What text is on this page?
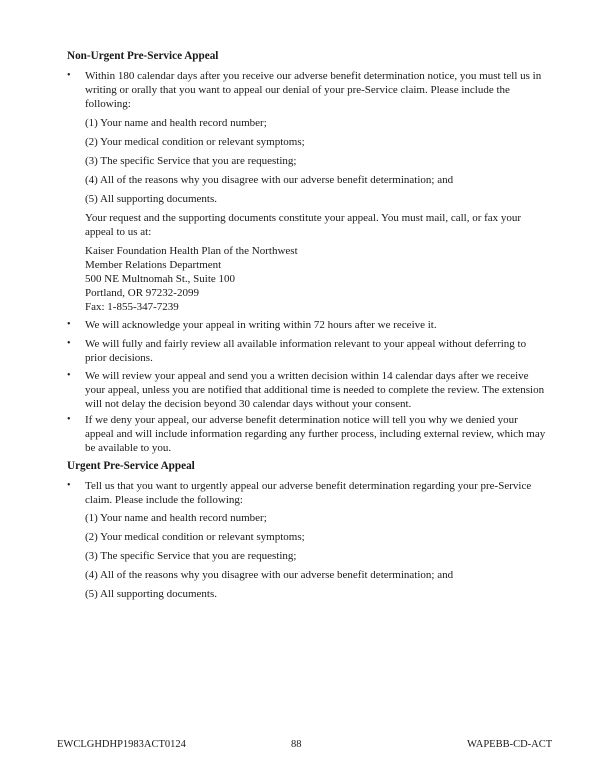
Non-Urgent Pre-Service Appeal
• Within 180 calendar days after you receive our adverse benefit determination notice, you must tell us in writing or orally that you want to appeal our denial of your pre-Service claim. Please include the following:
(1) Your name and health record number;
(2) Your medical condition or relevant symptoms;
(3) The specific Service that you are requesting;
(4) All of the reasons why you disagree with our adverse benefit determination; and
(5) All supporting documents.
Your request and the supporting documents constitute your appeal. You must mail, call, or fax your appeal to us at:
Kaiser Foundation Health Plan of the Northwest
Member Relations Department
500 NE Multnomah St., Suite 100
Portland, OR 97232-2099
Fax: 1-855-347-7239
• We will acknowledge your appeal in writing within 72 hours after we receive it.
• We will fully and fairly review all available information relevant to your appeal without deferring to prior decisions.
• We will review your appeal and send you a written decision within 14 calendar days after we receive your appeal, unless you are notified that additional time is needed to complete the review. The extension will not delay the decision beyond 30 calendar days without your consent.
• If we deny your appeal, our adverse benefit determination notice will tell you why we denied your appeal and will include information regarding any further process, including external review, which may be available to you.
Urgent Pre-Service Appeal
• Tell us that you want to urgently appeal our adverse benefit determination regarding your pre-Service claim. Please include the following:
(1) Your name and health record number;
(2) Your medical condition or relevant symptoms;
(3) The specific Service that you are requesting;
(4) All of the reasons why you disagree with our adverse benefit determination; and
(5) All supporting documents.
EWCLGHDHP1983ACT0124	88	WAPEBB-CD-ACT
